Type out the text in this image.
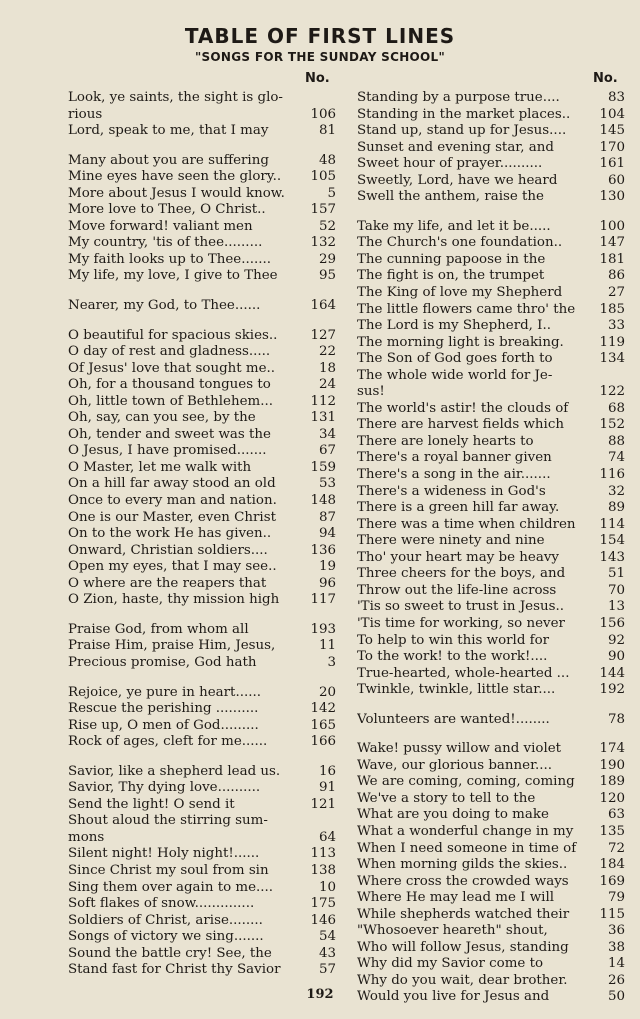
TABLE OF FIRST LINES
"SONGS FOR THE SUNDAY SCHOOL"
No.	No.
Look, ye saints, the sight is glo-
rious	106
Lord, speak to me, that I may	81
Many about you are suffering	48
Mine eyes have seen the glory..	105
More about Jesus I would know.	5
More love to Thee, O Christ..	157
Move forward! valiant men	52
My country, 'tis of thee.........	132
My faith looks up to Thee.......	29
My life, my love, I give to Thee	95
Nearer, my God, to Thee......	164
O beautiful for spacious skies..	127
O day of rest and gladness.....	22
Of Jesus' love that sought me..	18
Oh, for a thousand tongues to	24
Oh, little town of Bethlehem...	112
Oh, say, can you see, by the	131
Oh, tender and sweet was the	34
O Jesus, I have promised.......	67
O Master, let me walk with	159
On a hill far away stood an old	53
Once to every man and nation.	148
One is our Master, even Christ	87
On to the work He has given..	94
Onward, Christian soldiers....	136
Open my eyes, that I may see..	19
O where are the reapers that	96
O Zion, haste, thy mission high	117
Praise God, from whom all	193
Praise Him, praise Him, Jesus,	11
Precious promise, God hath	3
Rejoice, ye pure in heart......	20
Rescue the perishing ..........	142
Rise up, O men of God.........	165
Rock of ages, cleft for me......	166
Savior, like a shepherd lead us.	16
Savior, Thy dying love..........	91
Send the light! O send it	121
Shout aloud the stirring sum-
mons	64
Silent night! Holy night!......	113
Since Christ my soul from sin	138
Sing them over again to me....	10
Soft flakes of snow..............	175
Soldiers of Christ, arise........	146
Songs of victory we sing.......	54
Sound the battle cry! See, the	43
Stand fast for Christ thy Savior	57
Standing by a purpose true....	83
Standing in the market places..	104
Stand up, stand up for Jesus....	145
Sunset and evening star, and	170
Sweet hour of prayer..........	161
Sweetly, Lord, have we heard	60
Swell the anthem, raise the	130
Take my life, and let it be.....	100
The Church's one foundation..	147
The cunning papoose in the	181
The fight is on, the trumpet	86
The King of love my Shepherd	27
The little flowers came thro' the	185
The Lord is my Shepherd, I..	33
The morning light is breaking.	119
The Son of God goes forth to	134
The whole wide world for Je-
sus!	122
The world's astir! the clouds of	68
There are harvest fields which	152
There are lonely hearts to	88
There's a royal banner given	74
There's a song in the air.......	116
There's a wideness in God's	32
There is a green hill far away.	89
There was a time when children	114
There were ninety and nine	154
Tho' your heart may be heavy	143
Three cheers for the boys, and	51
Throw out the life-line across	70
'Tis so sweet to trust in Jesus..	13
'Tis time for working, so never	156
To help to win this world for	92
To the work! to the work!....	90
True-hearted, whole-hearted ...	144
Twinkle, twinkle, little star....	192
Volunteers are wanted!........	78
Wake! pussy willow and violet	174
Wave, our glorious banner....	190
We are coming, coming, coming	189
We've a story to tell to the	120
What are you doing to make	63
What a wonderful change in my	135
When I need someone in time of	72
When morning gilds the skies..	184
Where cross the crowded ways	169
Where He may lead me I will	79
While shepherds watched their	115
"Whosoever heareth" shout,	36
Who will follow Jesus, standing	38
Why did my Savior come to	14
Why do you wait, dear brother.	26
Would you live for Jesus and	50
192
